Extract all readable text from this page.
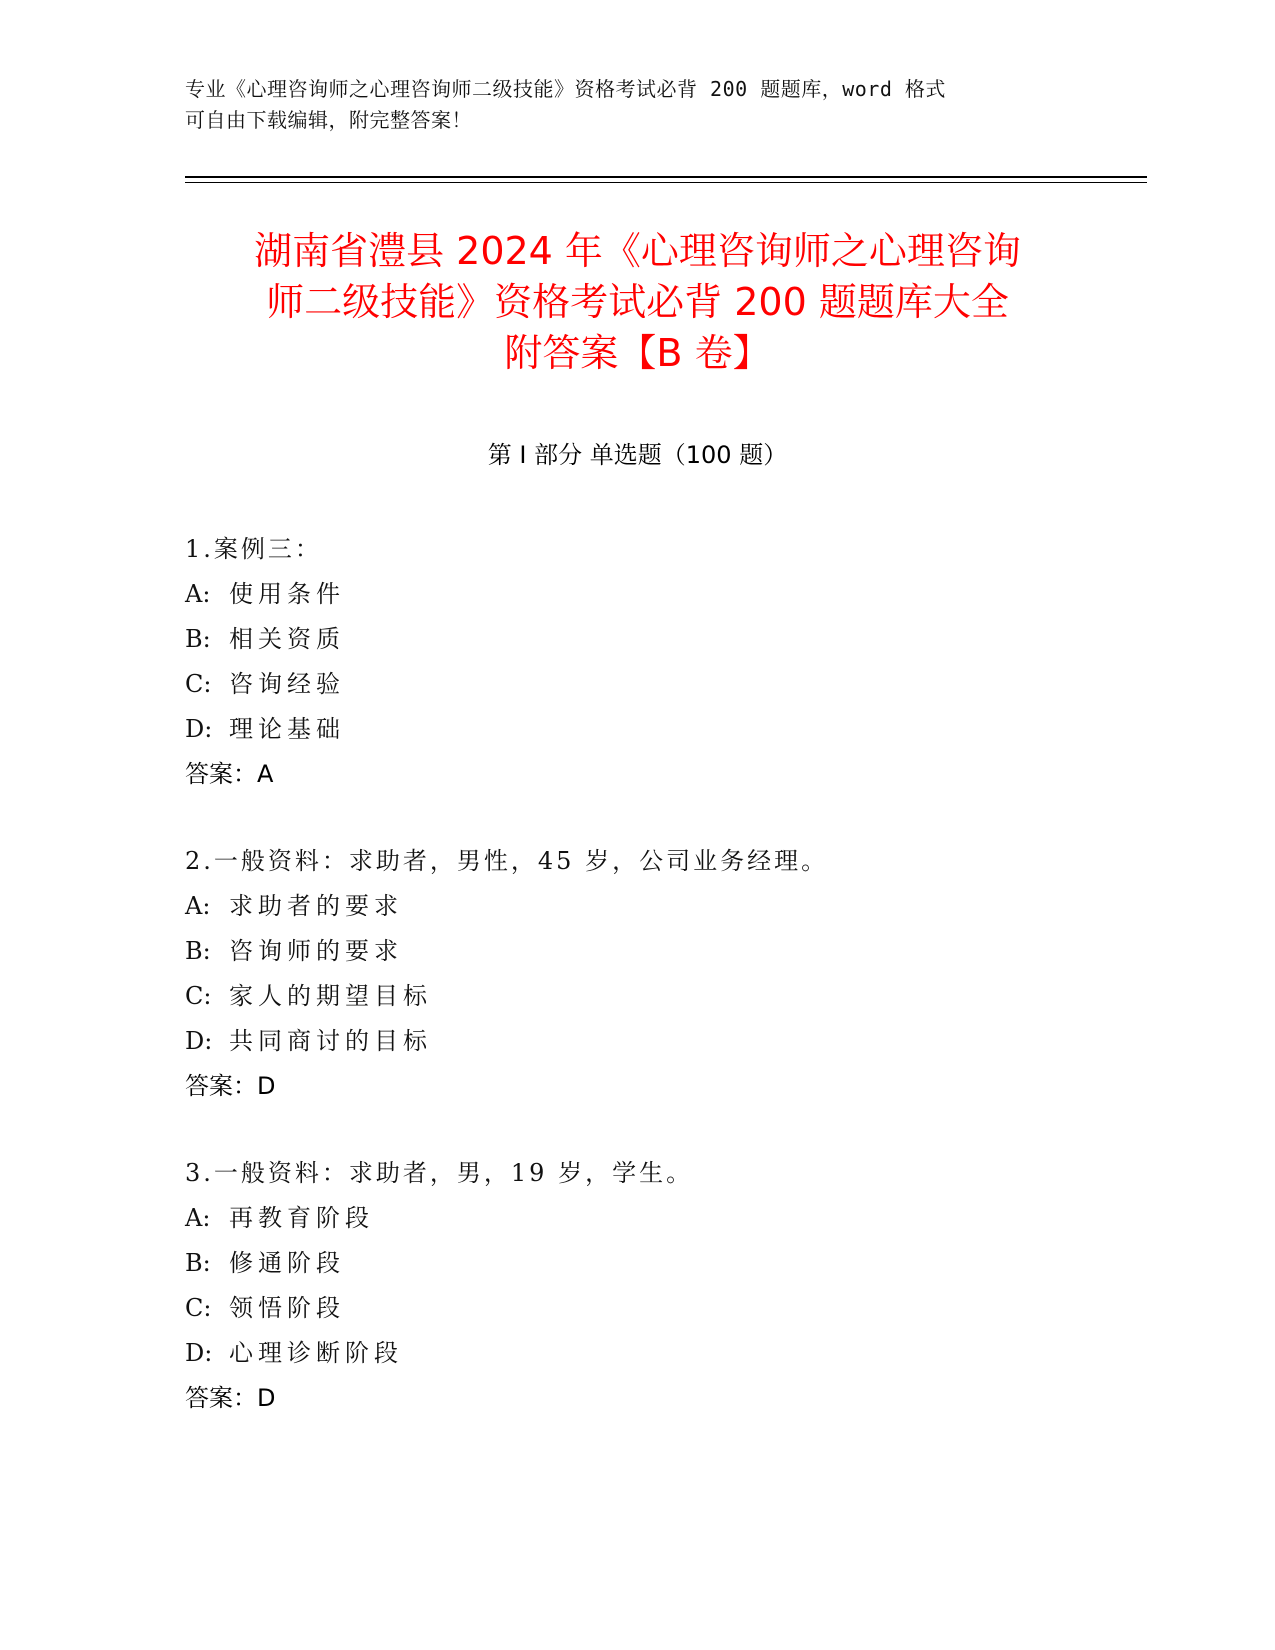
专业《心理咨询师之心理咨询师二级技能》资格考试必背 200 题题库，word 格式
可自由下载编辑，附完整答案！
湖南省澧县 2024 年《心理咨询师之心理咨询
师二级技能》资格考试必背 200 题题库大全
附答案【B 卷】
第 I 部分 单选题（100 题）
1.案例三：
A: 使用条件
B: 相关资质
C: 咨询经验
D: 理论基础
答案：A
2.一般资料：求助者，男性，45 岁，公司业务经理。
A: 求助者的要求
B: 咨询师的要求
C: 家人的期望目标
D: 共同商讨的目标
答案：D
3.一般资料：求助者，男，19 岁，学生。
A: 再教育阶段
B: 修通阶段
C: 领悟阶段
D: 心理诊断阶段
答案：D
